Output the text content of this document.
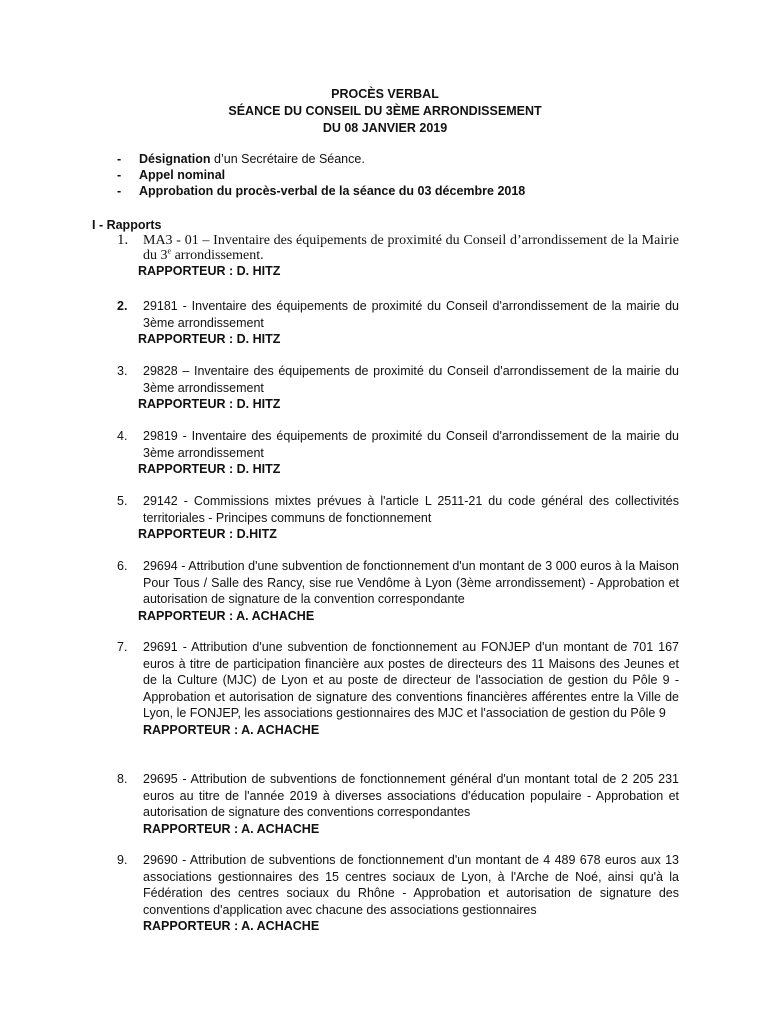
PROCÈS VERBAL
SÉANCE DU CONSEIL DU 3ÈME ARRONDISSEMENT
DU 08 JANVIER 2019
- Désignation d’un Secrétaire de Séance.
- Appel nominal
- Approbation du procès-verbal de la séance du 03 décembre 2018
I - Rapports
1. MA3 - 01 – Inventaire des équipements de proximité du Conseil d’arrondissement de la Mairie du 3e arrondissement.
RAPPORTEUR : D. HITZ
2. 29181 - Inventaire des équipements de proximité du Conseil d'arrondissement de la mairie du 3ème arrondissement
RAPPORTEUR : D. HITZ
3. 29828 – Inventaire des équipements de proximité du Conseil d'arrondissement de la mairie du 3ème arrondissement
RAPPORTEUR : D. HITZ
4. 29819 - Inventaire des équipements de proximité du Conseil d'arrondissement de la mairie du 3ème arrondissement
RAPPORTEUR : D. HITZ
5. 29142 - Commissions mixtes prévues à l'article L 2511-21 du code général des collectivités territoriales - Principes communs de fonctionnement
RAPPORTEUR : D.HITZ
6. 29694 - Attribution d'une subvention de fonctionnement d'un montant de 3 000 euros à la Maison Pour Tous / Salle des Rancy, sise rue Vendôme à Lyon (3ème arrondissement) - Approbation et autorisation de signature de la convention correspondante
RAPPORTEUR : A. ACHACHE
7. 29691 - Attribution d'une subvention de fonctionnement au FONJEP d'un montant de 701 167 euros à titre de participation financière aux postes de directeurs des 11 Maisons des Jeunes et de la Culture (MJC) de Lyon et au poste de directeur de l'association de gestion du Pôle 9 - Approbation et autorisation de signature des conventions financières afférentes entre la Ville de Lyon, le FONJEP, les associations gestionnaires des MJC et l'association de gestion du Pôle 9
RAPPORTEUR : A. ACHACHE
8. 29695 - Attribution de subventions de fonctionnement général d'un montant total de 2 205 231 euros au titre de l'année 2019 à diverses associations d'éducation populaire - Approbation et autorisation de signature des conventions correspondantes
RAPPORTEUR : A. ACHACHE
9. 29690 - Attribution de subventions de fonctionnement d'un montant de 4 489 678 euros aux 13 associations gestionnaires des 15 centres sociaux de Lyon, à l'Arche de Noé, ainsi qu'à la Fédération des centres sociaux du Rhône - Approbation et autorisation de signature des conventions d'application avec chacune des associations gestionnaires
RAPPORTEUR : A. ACHACHE
